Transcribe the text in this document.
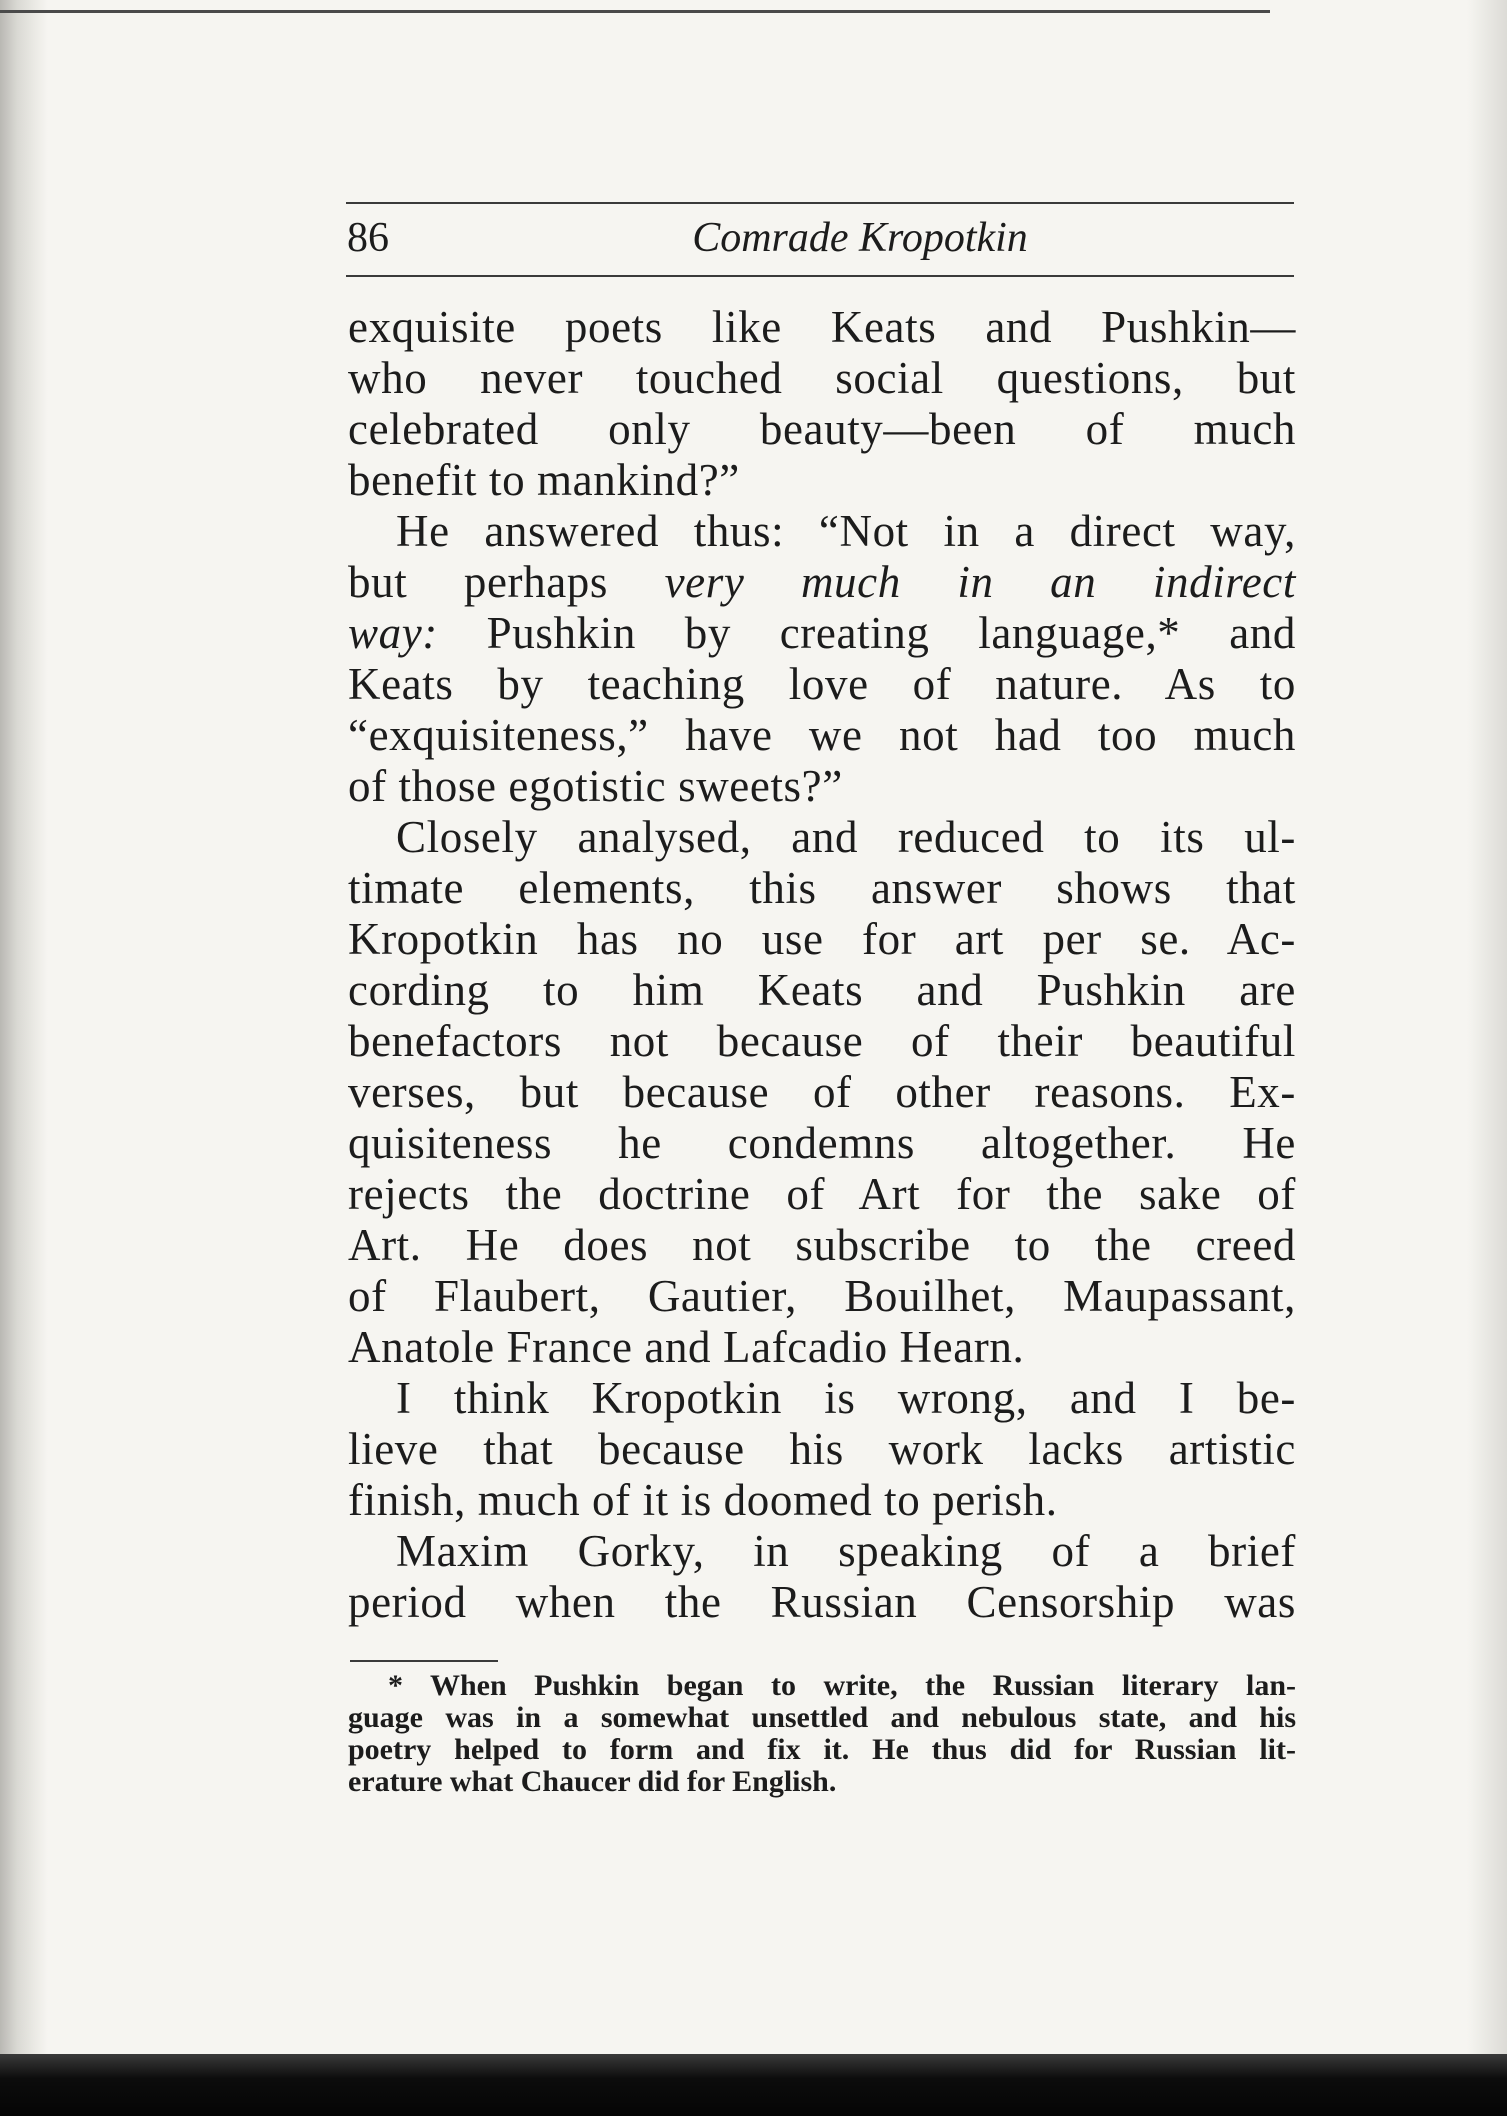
86	Comrade Kropotkin
exquisite poets like Keats and Pushkin—
who never touched social questions, but
celebrated only beauty—been of much
benefit to mankind?”
He answered thus: “Not in a direct way,
but perhaps very much in an indirect
way: Pushkin by creating language,* and
Keats by teaching love of nature. As to
“exquisiteness,” have we not had too much
of those egotistic sweets?”
Closely analysed, and reduced to its ul-
timate elements, this answer shows that
Kropotkin has no use for art per se. Ac-
cording to him Keats and Pushkin are
benefactors not because of their beautiful
verses, but because of other reasons. Ex-
quisiteness he condemns altogether. He
rejects the doctrine of Art for the sake of
Art. He does not subscribe to the creed
of Flaubert, Gautier, Bouilhet, Maupassant,
Anatole France and Lafcadio Hearn.
I think Kropotkin is wrong, and I be-
lieve that because his work lacks artistic
finish, much of it is doomed to perish.
Maxim Gorky, in speaking of a brief
period when the Russian Censorship was
* When Pushkin began to write, the Russian literary lan-
guage was in a somewhat unsettled and nebulous state, and his
poetry helped to form and fix it. He thus did for Russian lit-
erature what Chaucer did for English.
